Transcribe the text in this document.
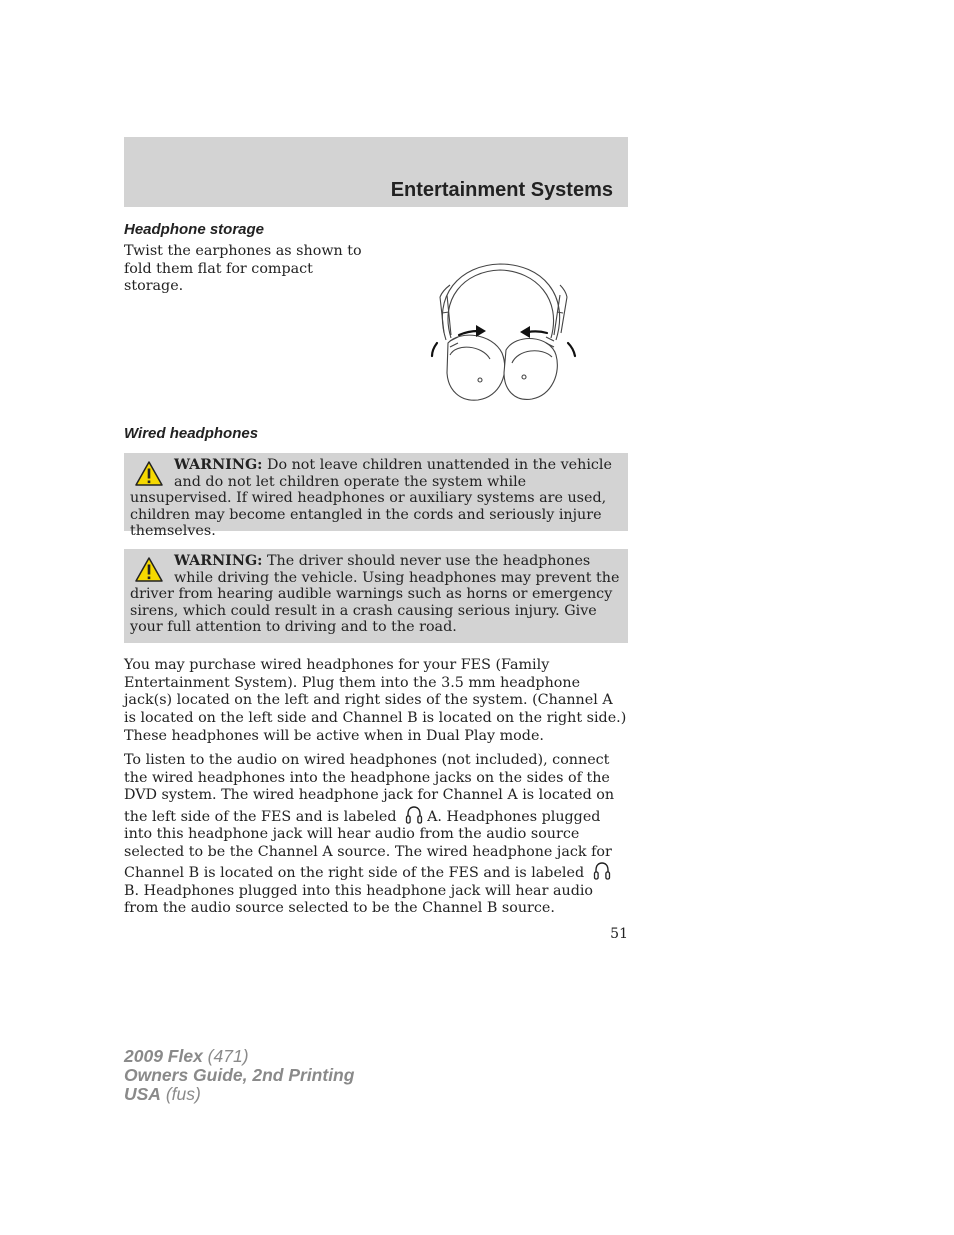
Entertainment Systems
Headphone storage
Twist the earphones as shown to fold them flat for compact storage.
Wired headphones
WARNING: Do not leave children unattended in the vehicle and do not let children operate the system while unsupervised. If wired headphones or auxiliary systems are used, children may become entangled in the cords and seriously injure themselves.
WARNING: The driver should never use the headphones while driving the vehicle. Using headphones may prevent the driver from hearing audible warnings such as horns or emergency sirens, which could result in a crash causing serious injury. Give your full attention to driving and to the road.
You may purchase wired headphones for your FES (Family Entertainment System). Plug them into the 3.5 mm headphone jack(s) located on the left and right sides of the system. (Channel A is located on the left side and Channel B is located on the right side.) These headphones will be active when in Dual Play mode.
To listen to the audio on wired headphones (not included), connect the wired headphones into the headphone jacks on the sides of the DVD system. The wired headphone jack for Channel A is located on the left side of the FES and is labeled A. Headphones plugged into this headphone jack will hear audio from the audio source selected to be the Channel A source. The wired headphone jack for Channel B is located on the right side of the FES and is labeled B. Headphones plugged into this headphone jack will hear audio from the audio source selected to be the Channel B source.
51
2009 Flex (471)
Owners Guide, 2nd Printing
USA (fus)
